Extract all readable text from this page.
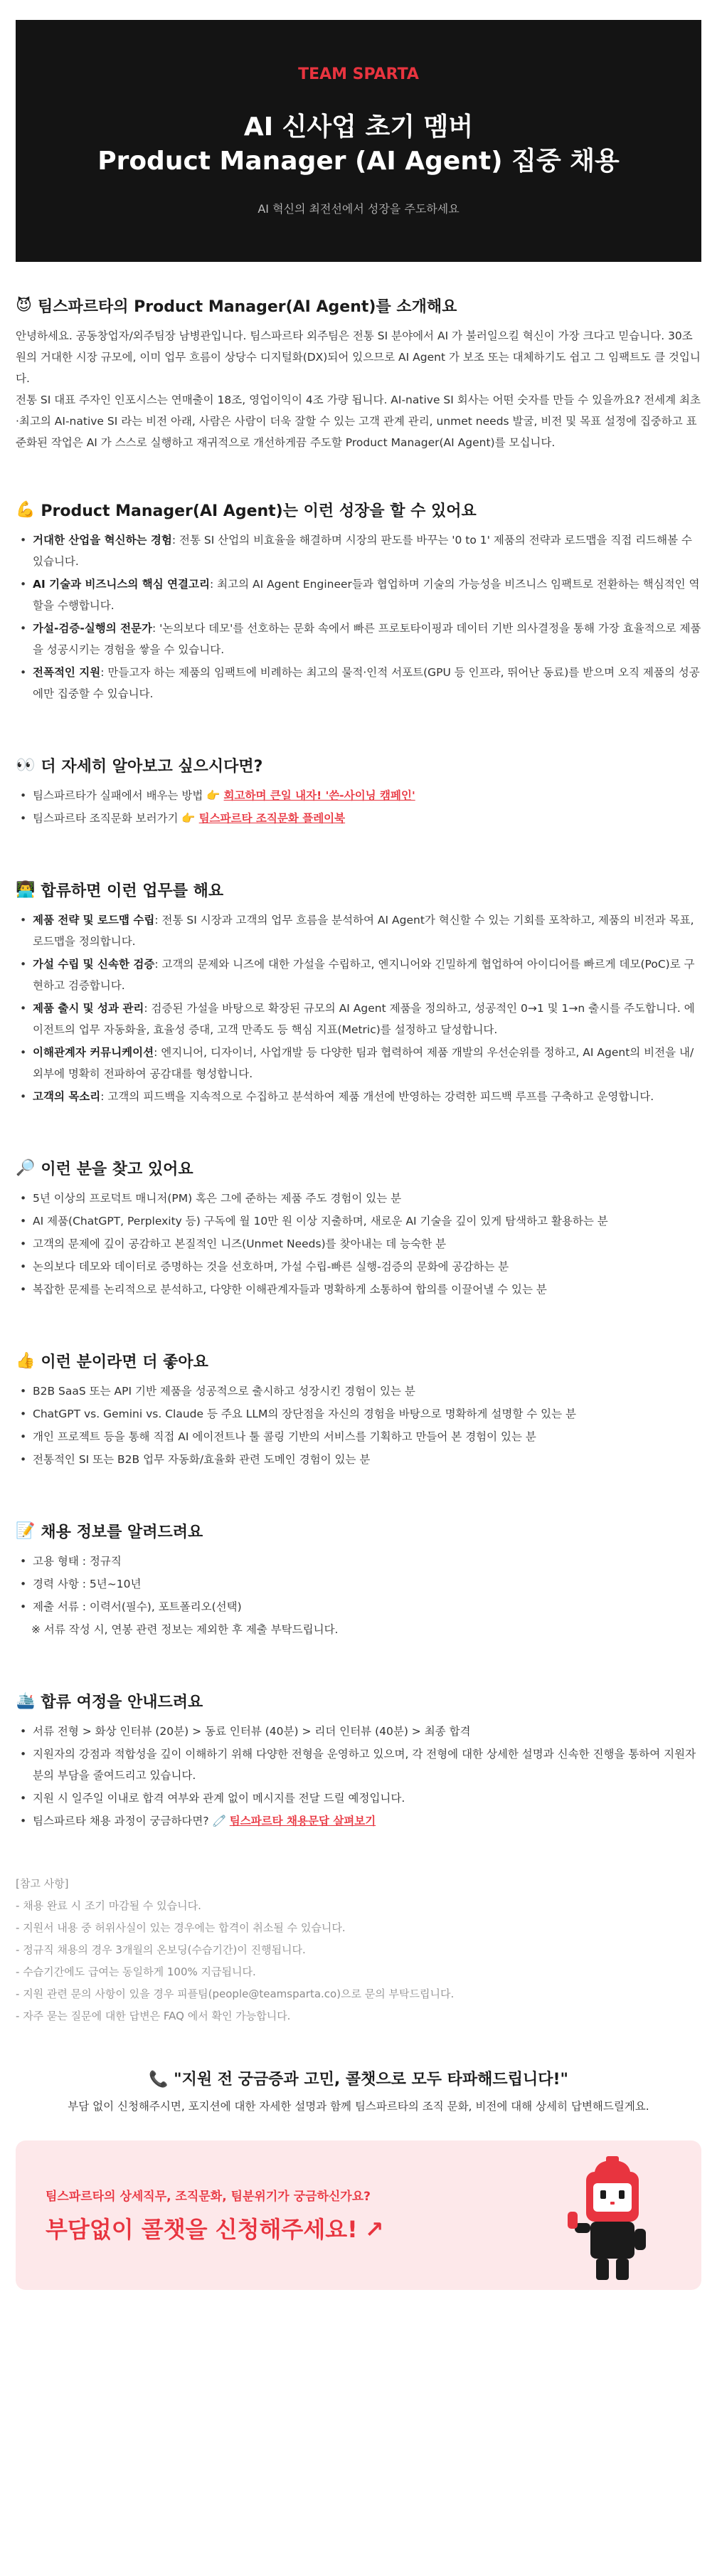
TEAM SPARTA
AI 신사업 초기 멤버
Product Manager (AI Agent) 집중 채용
AI 혁신의 최전선에서 성장을 주도하세요
😈 팀스파르타의 Product Manager(AI Agent)를 소개해요

안녕하세요. 공동창업자/외주팀장 남병관입니다. 팀스파르타 외주팀은 전통 SI 분야에서 AI 가 불러일으킬 혁신이 가장 크다고 믿습니다. 30조 원의 거대한 시장 규모에, 이미 업무 흐름이 상당수 디지털화(DX)되어 있으므로 AI Agent 가 보조 또는 대체하기도 쉽고 그 임팩트도 클 것입니다.

전통 SI 대표 주자인 인포시스는 연매출이 18조, 영업이익이 4조 가량 됩니다. AI-native SI 회사는 어떤 숫자를 만들 수 있을까요? 전세계 최초·최고의 AI-native SI 라는 비전 아래, 사람은 사람이 더욱 잘할 수 있는 고객 관계 관리, unmet needs 발굴, 비전 및 목표 설정에 집중하고 표준화된 작업은 AI 가 스스로 실행하고 재귀적으로 개선하게끔 주도할 Product Manager(AI Agent)를 모십니다.

💪 Product Manager(AI Agent)는 이런 성장을 할 수 있어요
• 거대한 산업을 혁신하는 경험: 전통 SI 산업의 비효율을 해결하며 시장의 판도를 바꾸는 '0 to 1' 제품의 전략과 로드맵을 직접 리드해볼 수 있습니다.
• AI 기술과 비즈니스의 핵심 연결고리: 최고의 AI Agent Engineer들과 협업하며 기술의 가능성을 비즈니스 임팩트로 전환하는 핵심적인 역할을 수행합니다.
• 가설-검증-실행의 전문가: '논의보다 데모'를 선호하는 문화 속에서 빠른 프로토타이핑과 데이터 기반 의사결정을 통해 가장 효율적으로 제품을 성공시키는 경험을 쌓을 수 있습니다.
• 전폭적인 지원: 만들고자 하는 제품의 임팩트에 비례하는 최고의 물적·인적 서포트(GPU 등 인프라, 뛰어난 동료)를 받으며 오직 제품의 성공에만 집중할 수 있습니다.
👀 더 자세히 알아보고 싶으시다면?
• 팀스파르타가 실패에서 배우는 방법 👉 회고하며 큰일 내자! '쓴-사이닝 캠페인'
• 팀스파르타 조직문화 보러가기 👉 팀스파르타 조직문화 플레이북
👨‍💻 합류하면 이런 업무를 해요
• 제품 전략 및 로드맵 수립: 전통 SI 시장과 고객의 업무 흐름을 분석하여 AI Agent가 혁신할 수 있는 기회를 포착하고, 제품의 비전과 목표, 로드맵을 정의합니다.
• 가설 수립 및 신속한 검증: 고객의 문제와 니즈에 대한 가설을 수립하고, 엔지니어와 긴밀하게 협업하여 아이디어를 빠르게 데모(PoC)로 구현하고 검증합니다.
• 제품 출시 및 성과 관리: 검증된 가설을 바탕으로 확장된 규모의 AI Agent 제품을 정의하고, 성공적인 0→1 및 1→n 출시를 주도합니다. 에이전트의 업무 자동화율, 효율성 증대, 고객 만족도 등 핵심 지표(Metric)를 설정하고 달성합니다.
• 이해관계자 커뮤니케이션: 엔지니어, 디자이너, 사업개발 등 다양한 팀과 협력하여 제품 개발의 우선순위를 정하고, AI Agent의 비전을 내/외부에 명확히 전파하여 공감대를 형성합니다.
• 고객의 목소리: 고객의 피드백을 지속적으로 수집하고 분석하여 제품 개선에 반영하는 강력한 피드백 루프를 구축하고 운영합니다.
🔎 이런 분을 찾고 있어요
• 5년 이상의 프로덕트 매니저(PM) 혹은 그에 준하는 제품 주도 경험이 있는 분
• AI 제품(ChatGPT, Perplexity 등) 구독에 월 10만 원 이상 지출하며, 새로운 AI 기술을 깊이 있게 탐색하고 활용하는 분
• 고객의 문제에 깊이 공감하고 본질적인 니즈(Unmet Needs)를 찾아내는 데 능숙한 분
• 논의보다 데모와 데이터로 증명하는 것을 선호하며, 가설 수립-빠른 실행-검증의 문화에 공감하는 분
• 복잡한 문제를 논리적으로 분석하고, 다양한 이해관계자들과 명확하게 소통하여 합의를 이끌어낼 수 있는 분
👍 이런 분이라면 더 좋아요
• B2B SaaS 또는 API 기반 제품을 성공적으로 출시하고 성장시킨 경험이 있는 분
• ChatGPT vs. Gemini vs. Claude 등 주요 LLM의 장단점을 자신의 경험을 바탕으로 명확하게 설명할 수 있는 분
• 개인 프로젝트 등을 통해 직접 AI 에이전트나 툴 콜링 기반의 서비스를 기획하고 만들어 본 경험이 있는 분
• 전통적인 SI 또는 B2B 업무 자동화/효율화 관련 도메인 경험이 있는 분
📝 채용 정보를 알려드려요
• 고용 형태 : 정규직
• 경력 사항 : 5년~10년
• 제출 서류 : 이력서(필수), 포트폴리오(선택)
※ 서류 작성 시, 연봉 관련 정보는 제외한 후 제출 부탁드립니다.
🛳️ 합류 여정을 안내드려요
• 서류 전형 > 화상 인터뷰 (20분) > 동료 인터뷰 (40분) > 리더 인터뷰 (40분) > 최종 합격
• 지원자의 강점과 적합성을 깊이 이해하기 위해 다양한 전형을 운영하고 있으며, 각 전형에 대한 상세한 설명과 신속한 진행을 통하여 지원자분의 부담을 줄여드리고 있습니다.
• 지원 시 일주일 이내로 합격 여부와 관계 없이 메시지를 전달 드릴 예정입니다.
• 팀스파르타 채용 과정이 궁금하다면? 🧷 팀스파르타 채용문답 살펴보기
[참고 사항]
- 채용 완료 시 조기 마감될 수 있습니다.
- 지원서 내용 중 허위사실이 있는 경우에는 합격이 취소될 수 있습니다.
- 정규직 채용의 경우 3개월의 온보딩(수습기간)이 진행됩니다.
- 수습기간에도 급여는 동일하게 100% 지급됩니다.
- 지원 관련 문의 사항이 있을 경우 피플팀(people@teamsparta.co)으로 문의 부탁드립니다.
- 자주 묻는 질문에 대한 답변은 FAQ 에서 확인 가능합니다.
📞 "지원 전 궁금증과 고민, 콜챗으로 모두 타파해드립니다!"
부담 없이 신청해주시면, 포지션에 대한 자세한 설명과 함께 팀스파르타의 조직 문화, 비전에 대해 상세히 답변해드릴게요.
팀스파르타의 상세직무, 조직문화, 팀분위기가 궁금하신가요?
부담없이 콜챗을 신청해주세요! ↗
